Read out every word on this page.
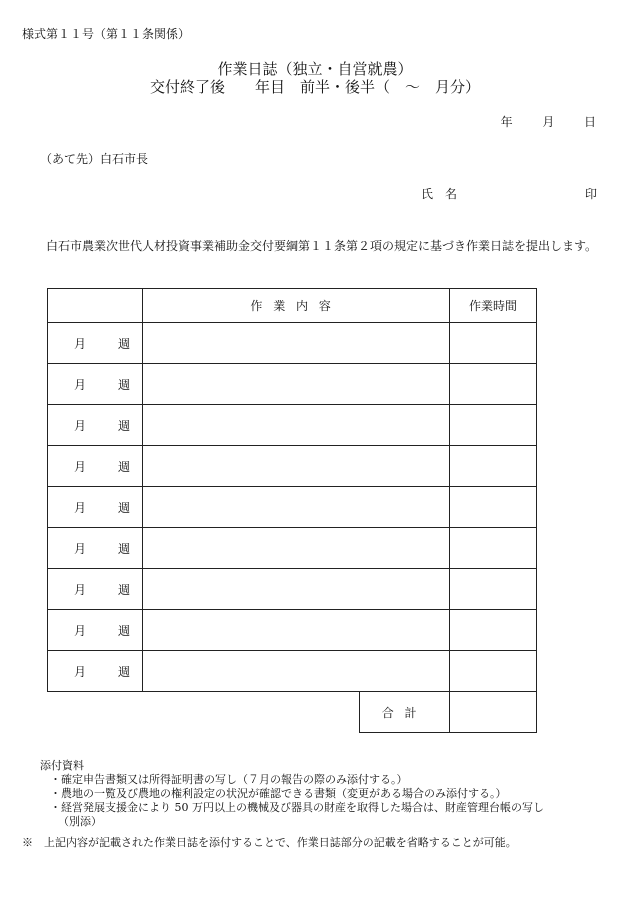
様式第１１号（第１１条関係）
作業日誌（独立・自営就農）
交付終了後　　年目　前半・後半（　～　月分）
年 月 日
（あて先）白石市長
氏　名	印
白石市農業次世代人材投資事業補助金交付要綱第１１条第２項の規定に基づき作業日誌を提出します。
	作業内容		作業時間
月 週			
月 週			
月 週			
月 週			
月 週			
月 週			
月 週			
月 週			
月 週			
		合計	
添付資料
・確定申告書類又は所得証明書の写し（７月の報告の際のみ添付する。）
・農地の一覧及び農地の権利設定の状況が確認できる書類（変更がある場合のみ添付する。）
・経営発展支援金により 50 万円以上の機械及び器具の財産を取得した場合は、財産管理台帳の写し
（別添）
※　上記内容が記載された作業日誌を添付することで、作業日誌部分の記載を省略することが可能。
